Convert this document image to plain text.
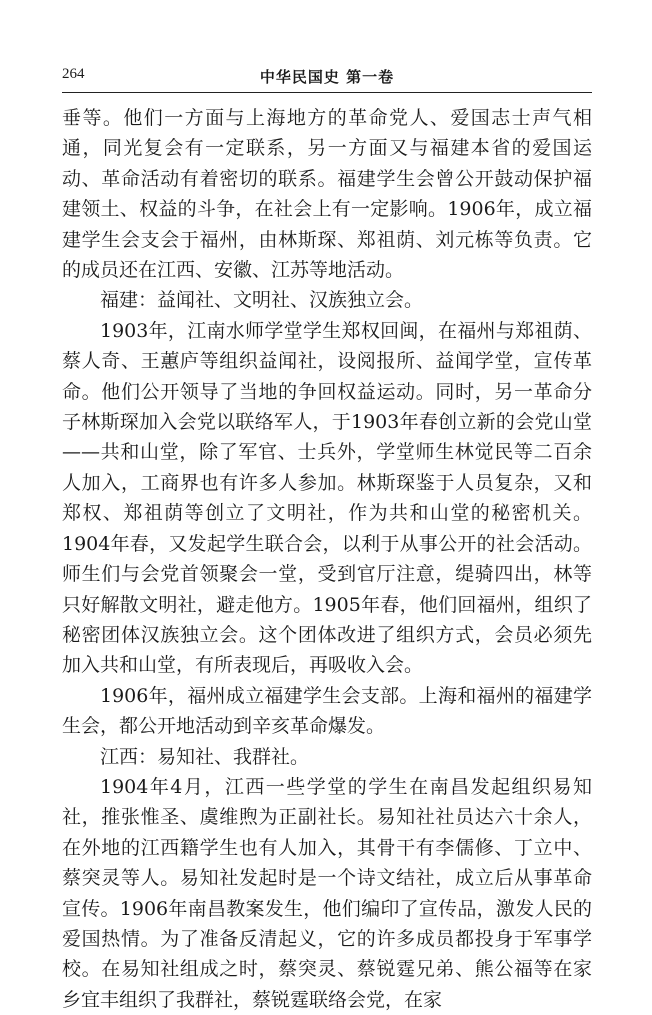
264	中华民国史 第一卷

垂等。他们一方面与上海地方的革命党人、爱国志士声气相通，同光复会有一定联系，另一方面又与福建本省的爱国运动、革命活动有着密切的联系。福建学生会曾公开鼓动保护福建领土、权益的斗争，在社会上有一定影响。1906年，成立福建学生会支会于福州，由林斯琛、郑祖荫、刘元栋等负责。它的成员还在江西、安徽、江苏等地活动。

福建：益闻社、文明社、汉族独立会。

1903年，江南水师学堂学生郑权回闽，在福州与郑祖荫、蔡人奇、王蕙庐等组织益闻社，设阅报所、益闻学堂，宣传革命。他们公开领导了当地的争回权益运动。同时，另一革命分子林斯琛加入会党以联络军人，于1903年春创立新的会党山堂——共和山堂，除了军官、士兵外，学堂师生林觉民等二百余人加入，工商界也有许多人参加。林斯琛鉴于人员复杂，又和郑权、郑祖荫等创立了文明社，作为共和山堂的秘密机关。1904年春，又发起学生联合会，以利于从事公开的社会活动。师生们与会党首领聚会一堂，受到官厅注意，缇骑四出，林等只好解散文明社，避走他方。1905年春，他们回福州，组织了秘密团体汉族独立会。这个团体改进了组织方式，会员必须先加入共和山堂，有所表现后，再吸收入会。

1906年，福州成立福建学生会支部。上海和福州的福建学生会，都公开地活动到辛亥革命爆发。

江西：易知社、我群社。

1904年4月，江西一些学堂的学生在南昌发起组织易知社，推张惟圣、虞维煦为正副社长。易知社社员达六十余人，在外地的江西籍学生也有人加入，其骨干有李儒修、丁立中、蔡突灵等人。易知社发起时是一个诗文结社，成立后从事革命宣传。1906年南昌教案发生，他们编印了宣传品，激发人民的爱国热情。为了准备反清起义，它的许多成员都投身于军事学校。在易知社组成之时，蔡突灵、蔡锐霆兄弟、熊公福等在家乡宜丰组织了我群社，蔡锐霆联络会党，在家
